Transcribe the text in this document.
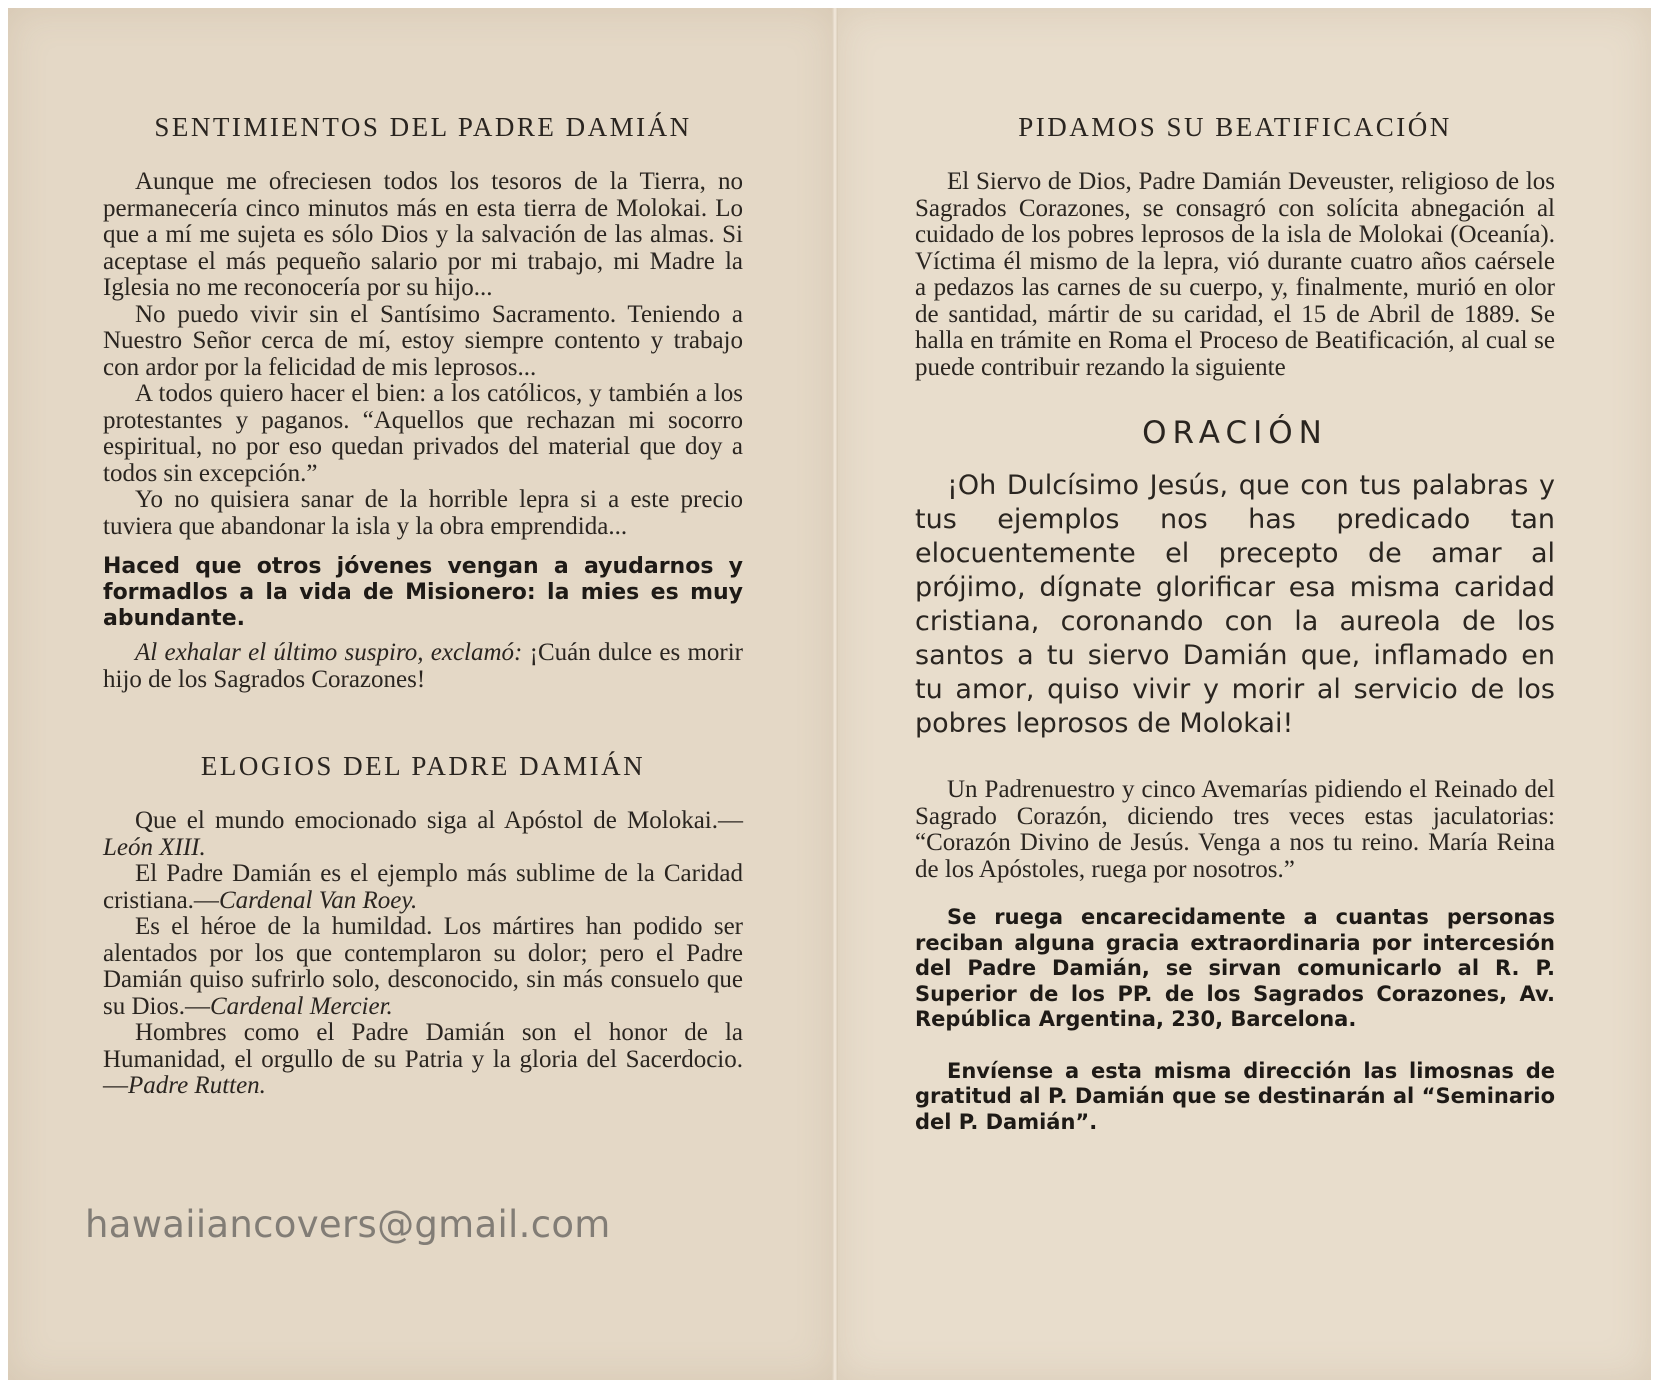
SENTIMIENTOS DEL PADRE DAMIÁN

Aunque me ofreciesen todos los tesoros de la Tierra, no permanecería cinco minutos más en esta tierra de Molokai. Lo que a mí me sujeta es sólo Dios y la salvación de las almas. Si aceptase el más pequeño salario por mi trabajo, mi Madre la Iglesia no me reconocería por su hijo...

No puedo vivir sin el Santísimo Sacramento. Teniendo a Nuestro Señor cerca de mí, estoy siempre contento y trabajo con ardor por la felicidad de mis leprosos...

A todos quiero hacer el bien: a los católicos, y también a los protestantes y paganos. “Aquellos que rechazan mi socorro espiritual, no por eso quedan privados del material que doy a todos sin excepción.”

Yo no quisiera sanar de la horrible lepra si a este precio tuviera que abandonar la isla y la obra emprendida...

Haced que otros jóvenes vengan a ayudarnos y formadlos a la vida de Misionero: la mies es muy abundante.

Al exhalar el último suspiro, exclamó: ¡Cuán dulce es morir hijo de los Sagrados Corazones!

ELOGIOS DEL PADRE DAMIÁN

Que el mundo emocionado siga al Apóstol de Molokai.—León XIII.

El Padre Damián es el ejemplo más sublime de la Caridad cristiana.—Cardenal Van Roey.

Es el héroe de la humildad. Los mártires han podido ser alentados por los que contemplaron su dolor; pero el Padre Damián quiso sufrirlo solo, desconocido, sin más consuelo que su Dios.—Cardenal Mercier.

Hombres como el Padre Damián son el honor de la Humanidad, el orgullo de su Patria y la gloria del Sacerdocio.—Padre Rutten.

PIDAMOS SU BEATIFICACIÓN

El Siervo de Dios, Padre Damián Deveuster, religioso de los Sagrados Corazones, se consagró con solícita abnegación al cuidado de los pobres leprosos de la isla de Molokai (Oceanía). Víctima él mismo de la lepra, vió durante cuatro años caérsele a pedazos las carnes de su cuerpo, y, finalmente, murió en olor de santidad, mártir de su caridad, el 15 de Abril de 1889. Se halla en trámite en Roma el Proceso de Beatificación, al cual se puede contribuir rezando la siguiente

ORACIÓN

¡Oh Dulcísimo Jesús, que con tus palabras y tus ejemplos nos has predicado tan elocuentemente el precepto de amar al prójimo, dígnate glorificar esa misma caridad cristiana, coronando con la aureola de los santos a tu siervo Damián que, inflamado en tu amor, quiso vivir y morir al servicio de los pobres leprosos de Molokai!

Un Padrenuestro y cinco Avemarías pidiendo el Reinado del Sagrado Corazón, diciendo tres veces estas jaculatorias: “Corazón Divino de Jesús. Venga a nos tu reino. María Reina de los Apóstoles, ruega por nosotros.”

Se ruega encarecidamente a cuantas personas reciban alguna gracia extraordinaria por intercesión del Padre Damián, se sirvan comunicarlo al R. P. Superior de los PP. de los Sagrados Corazones, Av. República Argentina, 230, Barcelona.

Envíense a esta misma dirección las limosnas de gratitud al P. Damián que se destinarán al “Seminario del P. Damián”.

hawaiiancovers@gmail.com
